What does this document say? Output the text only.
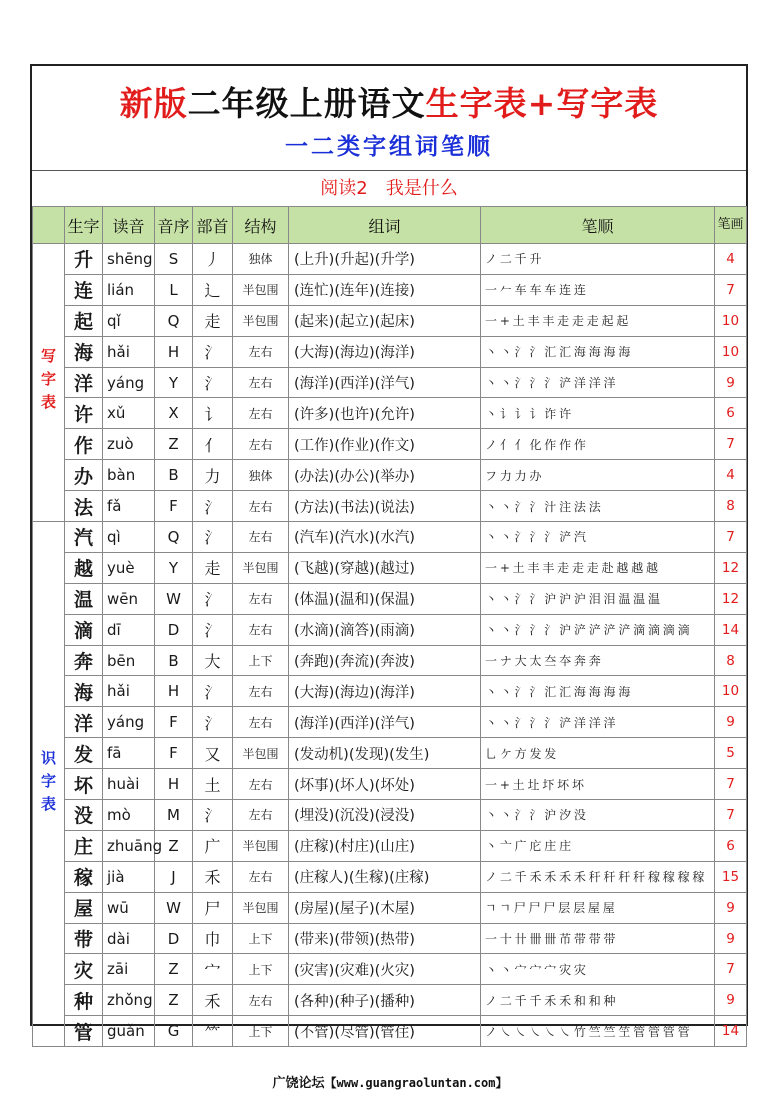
新版二年级上册语文生字表+写字表
一二类字组词笔顺
阅读2　我是什么
	生字	读音	音序	部首	结构	组词	笔顺	笔画

写字表	升	shēng	S	丿	独体	(上升)(升起)(升学)	ノ 二 千 升	4
	连	lián	L	辶	半包围	(连忙)(连年)(连接)	一 𠂉 车 车 车 连 连	7
	起	qǐ	Q	走	半包围	(起来)(起立)(起床)	一 + 土 丰 丰 走 走 走 起 起	10
	海	hǎi	H	氵	左右	(大海)(海边)(海洋)	丶 丶 氵 氵 汇 汇 海 海 海 海	10
	洋	yáng	Y	氵	左右	(海洋)(西洋)(洋气)	丶 丶 氵 氵 氵 浐 洋 洋 洋	9
	许	xǔ	X	讠	左右	(许多)(也许)(允许)	丶 讠 讠 讠 诈 许	6
	作	zuò	Z	亻	左右	(工作)(作业)(作文)	ノ 亻 亻 化 作 作 作	7
	办	bàn	B	力	独体	(办法)(办公)(举办)	フ 力 力 办	4
	法	fǎ	F	氵	左右	(方法)(书法)(说法)	丶 丶 氵 氵 汁 注 法 法	8

识字表	汽	qì	Q	氵	左右	(汽车)(汽水)(水汽)	丶 丶 氵 氵 氵 浐 汽	7
	越	yuè	Y	走	半包围	(飞越)(穿越)(越过)	一 + 土 丰 丰 走 走 走 赴 越 越 越	12
	温	wēn	W	氵	左右	(体温)(温和)(保温)	丶 丶 氵 氵 沪 沪 沪 泪 泪 温 温 温	12
	滴	dī	D	氵	左右	(水滴)(滴答)(雨滴)	丶 丶 氵 氵 氵 沪 浐 浐 浐 浐 滴 滴 滴 滴	14
	奔	bēn	B	大	上下	(奔跑)(奔流)(奔波)	一 ナ 大 太 夳 夲 奔 奔	8
	海	hǎi	H	氵	左右	(大海)(海边)(海洋)	丶 丶 氵 氵 汇 汇 海 海 海 海	10
	洋	yáng	F	氵	左右	(海洋)(西洋)(洋气)	丶 丶 氵 氵 氵 浐 洋 洋 洋	9
	发	fā	F	又	半包围	(发动机)(发现)(发生)	乚 ケ 方 发 发	5
	坏	huài	H	土	左右	(坏事)(坏人)(坏处)	一 + 土 圵 圷 坏 坏	7
	没	mò	M	氵	左右	(埋没)(沉没)(浸没)	丶 丶 氵 氵 沪 汐 没	7
	庄	zhuāng	Z	广	半包围	(庄稼)(村庄)(山庄)	丶 亠 广 庀 庄 庄	6
	稼	jià	J	禾	左右	(庄稼人)(生稼)(庄稼)	ノ 二 千 禾 禾 禾 禾 秆 秆 秆 秆 稼 稼 稼 稼	15
	屋	wū	W	尸	半包围	(房屋)(屋子)(木屋)	ㄱ ㄱ 尸 尸 尸 层 层 屋 屋	9
	带	dài	D	巾	上下	(带来)(带领)(热带)	一 十 卄 卌 卌 芇 带 带 带	9
	灾	zāi	Z	宀	上下	(灾害)(灾难)(火灾)	丶 丶 宀 宀 宀 灾 灾	7
	种	zhǒng	Z	禾	左右	(各种)(种子)(播种)	ノ 二 千 千 禾 禾 和 和 种	9
	管	guǎn	G	⺮	上下	(不管)(尽管)(管住)	ノ ㇏ ㇏ ㇏ ㇏ ㇏ 竹 竺 竺 笁 管 管 管 管	14
广饶论坛【www.guangraoluntan.com】
